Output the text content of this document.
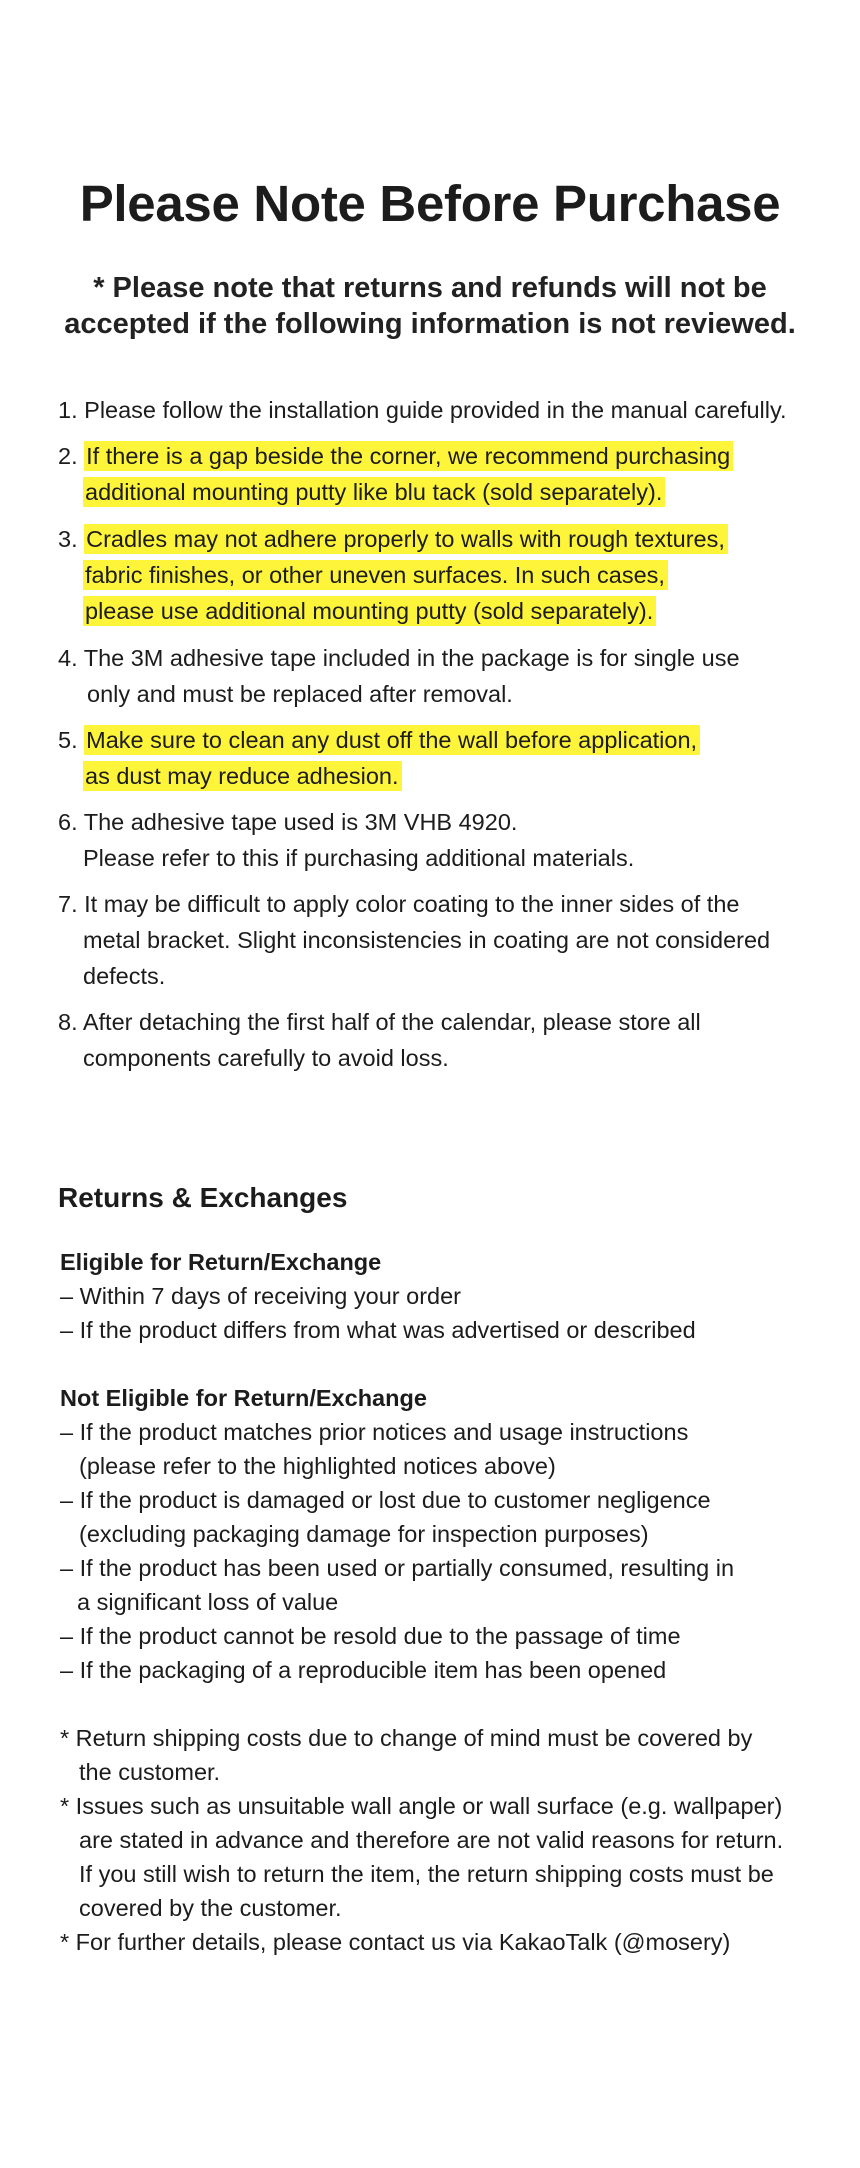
Please Note Before Purchase
* Please note that returns and refunds will not be
accepted if the following information is not reviewed.
1. Please follow the installation guide provided in the manual carefully.
2. If there is a gap beside the corner, we recommend purchasing
additional mounting putty like blu tack (sold separately).
3. Cradles may not adhere properly to walls with rough textures,
fabric finishes, or other uneven surfaces. In such cases,
please use additional mounting putty (sold separately).
4. The 3M adhesive tape included in the package is for single use
only and must be replaced after removal.
5. Make sure to clean any dust off the wall before application,
as dust may reduce adhesion.
6. The adhesive tape used is 3M VHB 4920.
Please refer to this if purchasing additional materials.
7. It may be difficult to apply color coating to the inner sides of the
metal bracket. Slight inconsistencies in coating are not considered
defects.
8. After detaching the first half of the calendar, please store all
components carefully to avoid loss.
Returns & Exchanges
Eligible for Return/Exchange
– Within 7 days of receiving your order
– If the product differs from what was advertised or described
Not Eligible for Return/Exchange
– If the product matches prior notices and usage instructions
(please refer to the highlighted notices above)
– If the product is damaged or lost due to customer negligence
(excluding packaging damage for inspection purposes)
– If the product has been used or partially consumed, resulting in
a significant loss of value
– If the product cannot be resold due to the passage of time
– If the packaging of a reproducible item has been opened
* Return shipping costs due to change of mind must be covered by
the customer.
* Issues such as unsuitable wall angle or wall surface (e.g. wallpaper)
are stated in advance and therefore are not valid reasons for return.
If you still wish to return the item, the return shipping costs must be
covered by the customer.
* For further details, please contact us via KakaoTalk (@mosery)
